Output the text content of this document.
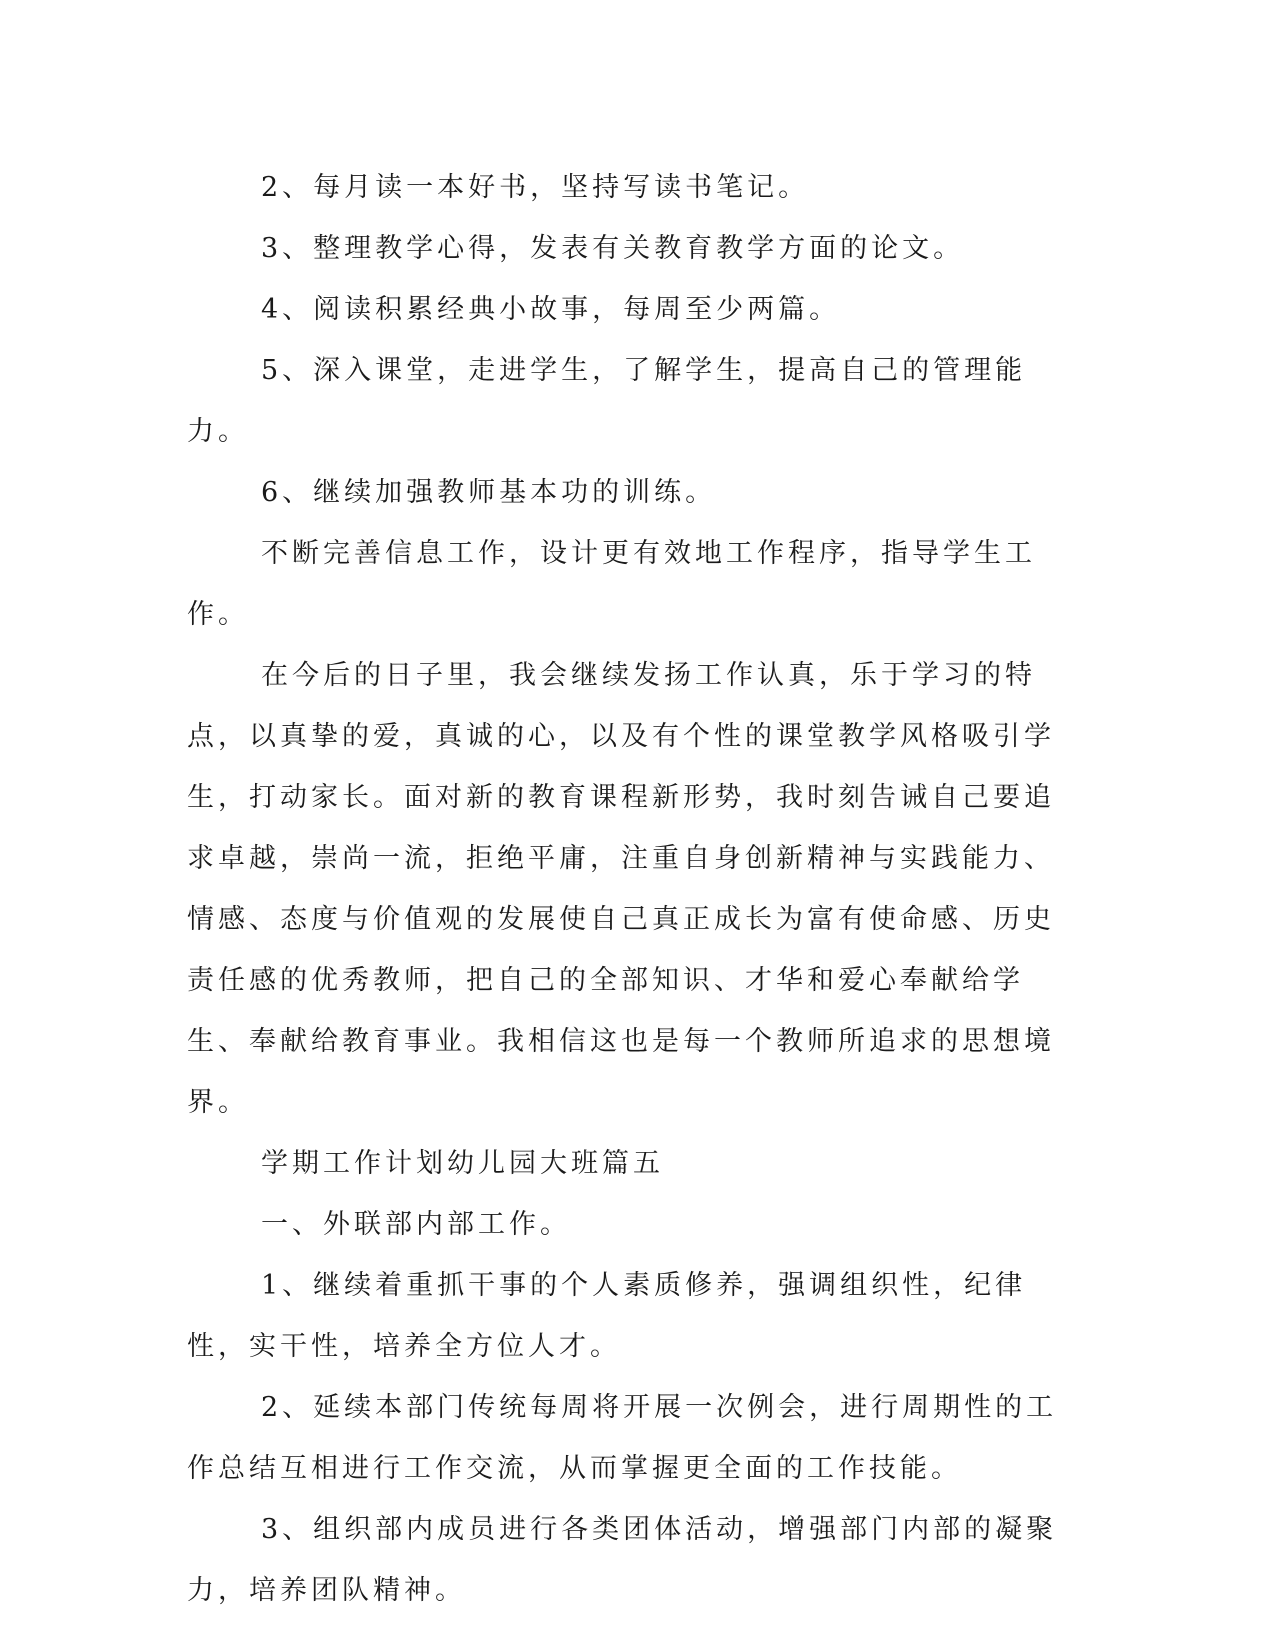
2、每月读一本好书，坚持写读书笔记。

3、整理教学心得，发表有关教育教学方面的论文。

4、阅读积累经典小故事，每周至少两篇。

5、深入课堂，走进学生，了解学生，提高自己的管理能力。

6、继续加强教师基本功的训练。

不断完善信息工作，设计更有效地工作程序，指导学生工作。

在今后的日子里，我会继续发扬工作认真，乐于学习的特点，以真挚的爱，真诚的心，以及有个性的课堂教学风格吸引学生，打动家长。面对新的教育课程新形势，我时刻告诫自己要追求卓越，崇尚一流，拒绝平庸，注重自身创新精神与实践能力、情感、态度与价值观的发展使自己真正成长为富有使命感、历史责任感的优秀教师，把自己的全部知识、才华和爱心奉献给学生、奉献给教育事业。我相信这也是每一个教师所追求的思想境界。

学期工作计划幼儿园大班篇五

一、外联部内部工作。

1、继续着重抓干事的个人素质修养，强调组织性，纪律性，实干性，培养全方位人才。

2、延续本部门传统每周将开展一次例会，进行周期性的工作总结互相进行工作交流，从而掌握更全面的工作技能。

3、组织部内成员进行各类团体活动，增强部门内部的凝聚力，培养团队精神。
